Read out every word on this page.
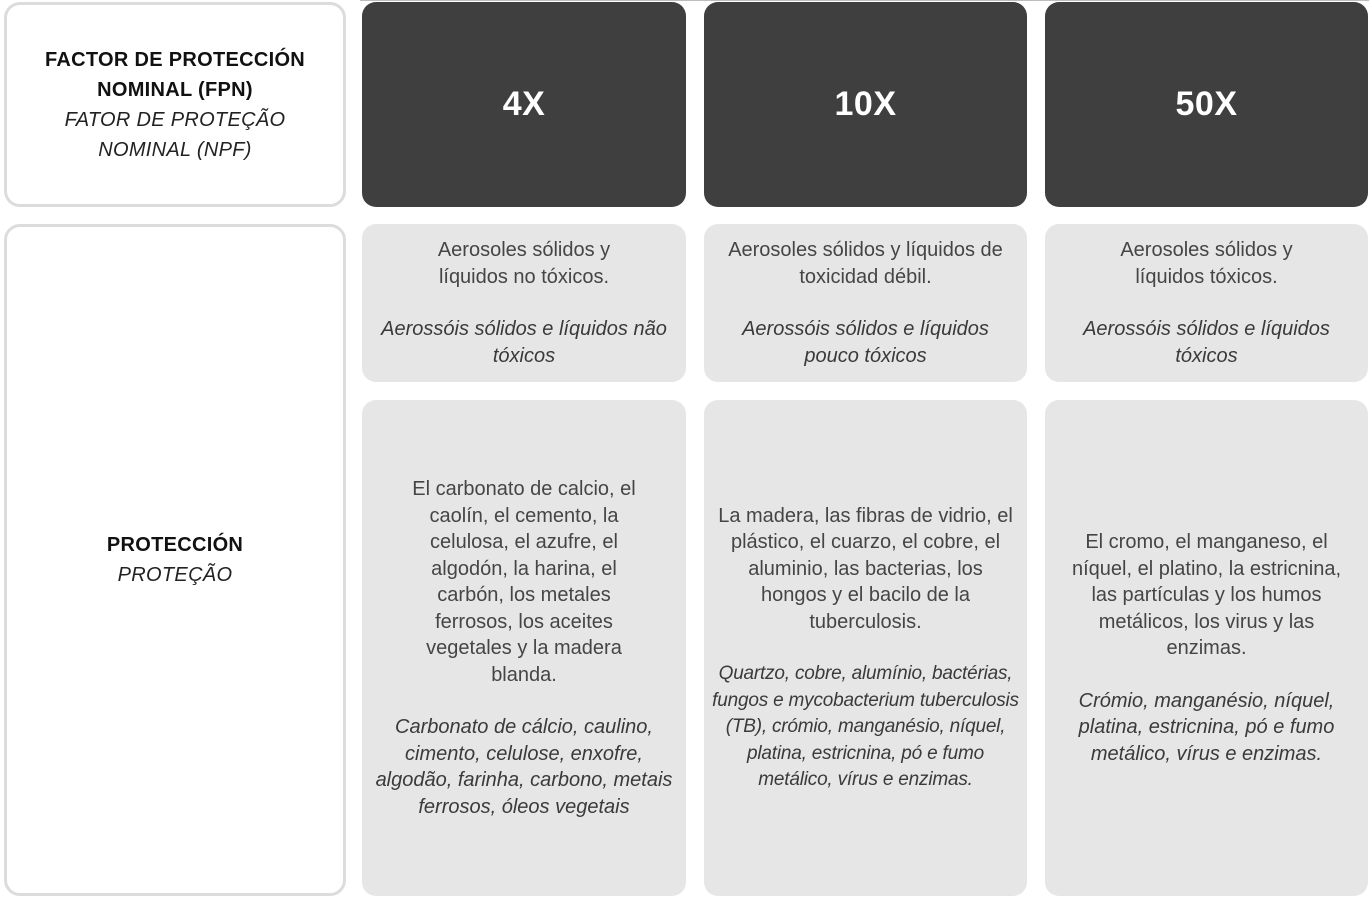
FACTOR DE PROTECCIÓN NOMINAL (FPN)
FATOR DE PROTEÇÃO NOMINAL (NPF)
PROTECCIÓN
PROTEÇÃO
4X
Aerosoles sólidos y líquidos no tóxicos.
Aerossóis sólidos e líquidos não tóxicos
El carbonato de calcio, el caolín, el cemento, la celulosa, el azufre, el algodón, la harina, el carbón, los metales ferrosos, los aceites vegetales y la madera blanda.
Carbonato de cálcio, caulino, cimento, celulose, enxofre, algodão, farinha, carbono, metais ferrosos, óleos vegetais
10X
Aerosoles sólidos y líquidos de toxicidad débil.
Aerossóis sólidos e líquidos pouco tóxicos
La madera, las fibras de vidrio, el plástico, el cuarzo, el cobre, el aluminio, las bacterias, los hongos y el bacilo de la tuberculosis.
Quartzo, cobre, alumínio, bactérias, fungos e mycobacterium tuberculosis (TB), crómio, manganésio, níquel, platina, estricnina, pó e fumo metálico, vírus e enzimas.
50X
Aerosoles sólidos y líquidos tóxicos.
Aerossóis sólidos e líquidos tóxicos
El cromo, el manganeso, el níquel, el platino, la estricnina, las partículas y los humos metálicos, los virus y las enzimas.
Crómio, manganésio, níquel, platina, estricnina, pó e fumo metálico, vírus e enzimas.
